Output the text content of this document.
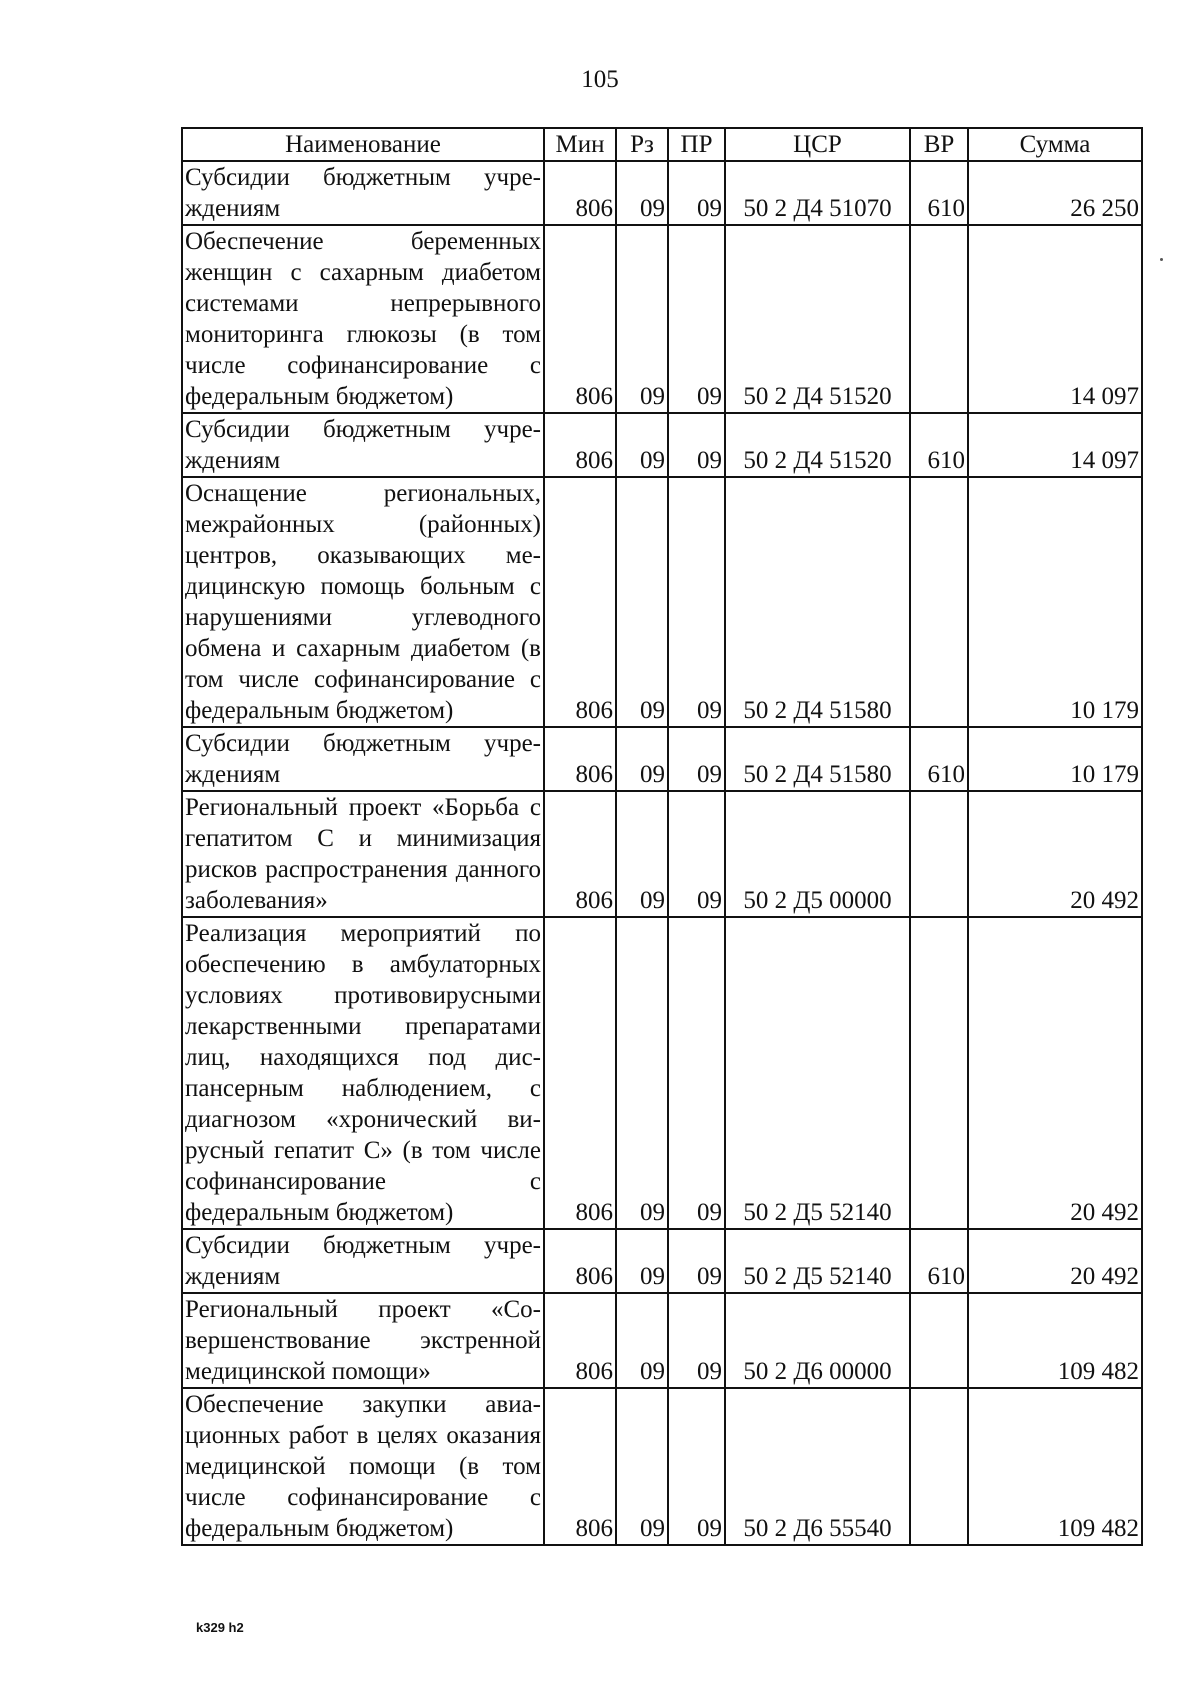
105
Наименование	Мин	Рз	ПР	ЦСР	ВР	Сумма
Субсидии бюджетным учреждениям	806	09	09	50 2 Д4 51070	610	26 250
Обеспечение беременных женщин с сахарным диабетом системами непрерывного мониторинга глюкозы (в том числе софинансирование с федеральным бюджетом)	806	09	09	50 2 Д4 51520		14 097
Субсидии бюджетным учреждениям	806	09	09	50 2 Д4 51520	610	14 097
Оснащение региональных, межрайонных (районных) центров, оказывающих медицинскую помощь больным с нарушениями углеводного обмена и сахарным диабетом (в том числе софинансирование с федеральным бюджетом)	806	09	09	50 2 Д4 51580		10 179
Субсидии бюджетным учреждениям	806	09	09	50 2 Д4 51580	610	10 179
Региональный проект «Борьба с гепатитом С и минимизация рисков распространения данного заболевания»	806	09	09	50 2 Д5 00000		20 492
Реализация мероприятий по обеспечению в амбулаторных условиях противовирусными лекарственными препаратами лиц, находящихся под диспансерным наблюдением, с диагнозом «хронический вирусный гепатит С» (в том числе софинансирование с федеральным бюджетом)	806	09	09	50 2 Д5 52140		20 492
Субсидии бюджетным учреждениям	806	09	09	50 2 Д5 52140	610	20 492
Региональный проект «Совершенствование экстренной медицинской помощи»	806	09	09	50 2 Д6 00000		109 482
Обеспечение закупки авиационных работ в целях оказания медицинской помощи (в том числе софинансирование с федеральным бюджетом)	806	09	09	50 2 Д6 55540		109 482
k329 h2
